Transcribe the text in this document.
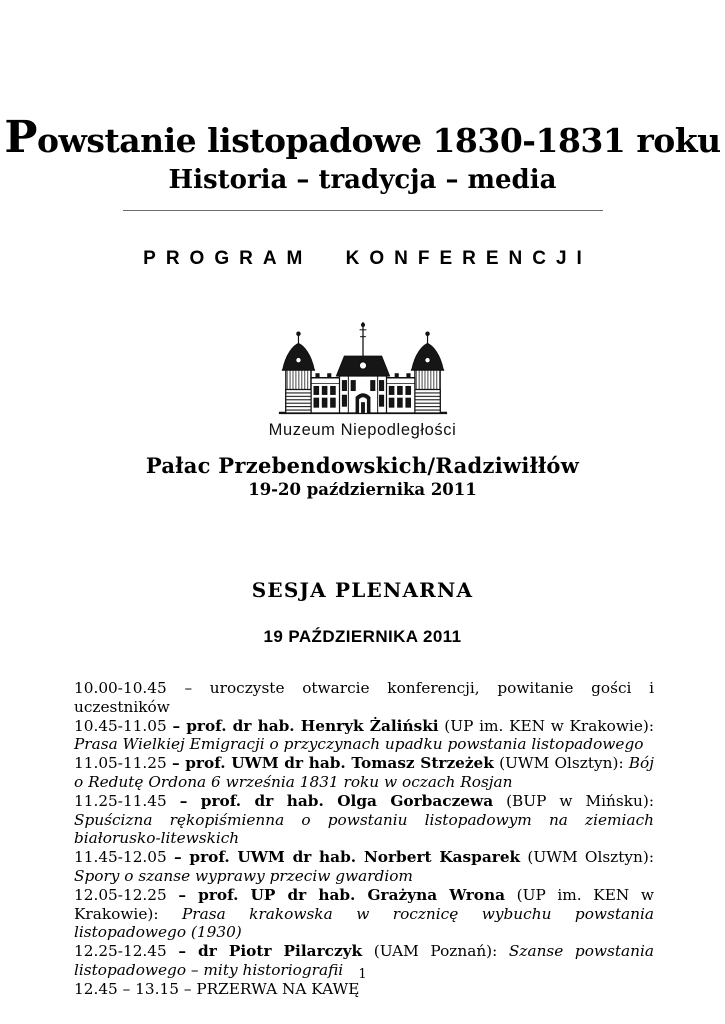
Powstanie listopadowe 1830-1831 roku
Historia – tradycja – media
PROGRAM KONFERENCJI
Muzeum Niepodległości
Pałac Przebendowskich/Radziwiłłów
19-20 października 2011
SESJA PLENARNA
19 PAŹDZIERNIKA 2011

10.00-10.45 – uroczyste otwarcie konferencji, powitanie gości i uczestników

10.45-11.05 – prof. dr hab. Henryk Żaliński (UP im. KEN w Krakowie): Prasa Wielkiej Emigracji o przyczynach upadku powstania listopadowego

11.05-11.25 – prof. UWM dr hab. Tomasz Strzeżek (UWM Olsztyn): Bój o Redutę Ordona 6 września 1831 roku w oczach Rosjan

11.25-11.45 – prof. dr hab. Olga Gorbaczewa (BUP w Mińsku): Spuścizna rękopiśmienna o powstaniu listopadowym na ziemiach białorusko-litewskich

11.45-12.05 – prof. UWM dr hab. Norbert Kasparek (UWM Olsztyn): Spory o szanse wyprawy przeciw gwardiom

12.05-12.25 – prof. UP dr hab. Grażyna Wrona (UP im. KEN w Krakowie): Prasa krakowska w rocznicę wybuchu powstania listopadowego (1930)

12.25-12.45 – dr Piotr Pilarczyk (UAM Poznań): Szanse powstania listopadowego – mity historiografii

12.45 – 13.15 – PRZERWA NA KAWĘ

1
